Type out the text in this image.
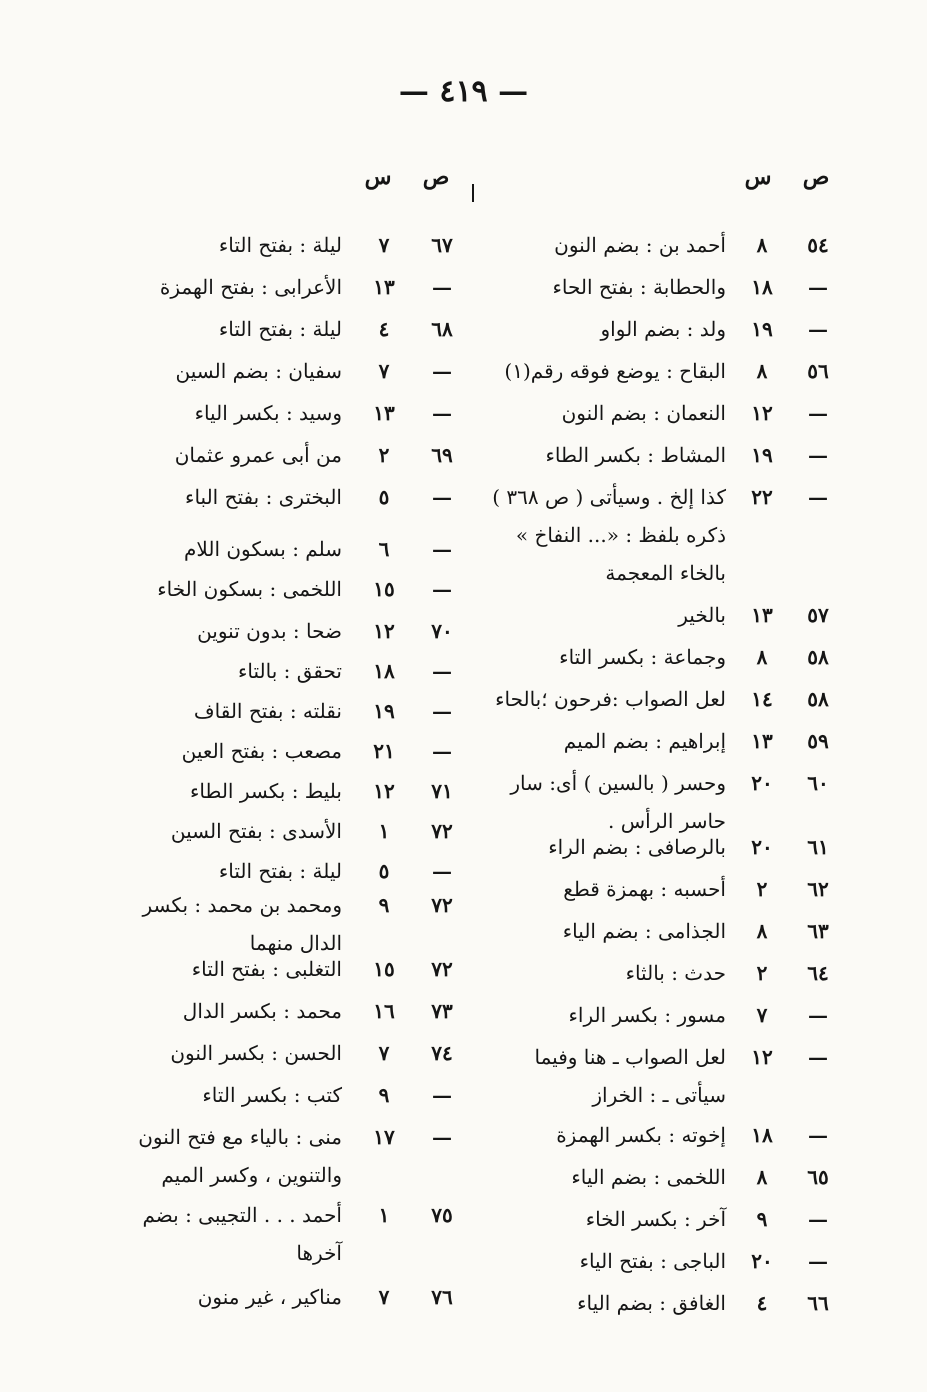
— ٤١٩ —
ص
س
٥٤
٨
أحمد بن : بضم النون
—
١٨
والحطابة : بفتح الحاء
—
١٩
ولد : بضم الواو
٥٦
٨
البقاح : يوضع فوقه رقم(١)
—
١٢
النعمان : بضم النون
—
١٩
المشاط : بكسر الطاء
—
٢٢
كذا إلخ . وسيأتى ( ص ٣٦٨ ) ذكره بلفظ : «... النفاخ » بالخاء المعجمة
٥٧
١٣
بالخير
٥٨
٨
وجماعة : بكسر التاء
٥٨
١٤
لعل الصواب :فرحون ؛بالحاء
٥٩
١٣
إبراهيم : بضم الميم
٦٠
٢٠
وحسر ( بالسين ) أى: سار حاسر الرأس .
٦١
٢٠
بالرصافى : بضم الراء
٦٢
٢
أحسبه : بهمزة قطع
٦٣
٨
الجذامى : بضم الياء
٦٤
٢
حدث : بالثاء
—
٧
مسور : بكسر الراء
—
١٢
لعل الصواب ـ هنا وفيما سيأتى ـ : الخراز
—
١٨
إخوته : بكسر الهمزة
٦٥
٨
اللخمى : بضم الياء
—
٩
آخر : بكسر الخاء
—
٢٠
الباجى : بفتح الياء
٦٦
٤
الغافق : بضم الياء
ص
س
٦٧
٧
ليلة : بفتح التاء
—
١٣
الأعرابى : بفتح الهمزة
٦٨
٤
ليلة : بفتح التاء
—
٧
سفيان : بضم السين
—
١٣
وسيد : بكسر الياء
٦٩
٢
من أبى عمرو عثمان
—
٥
البخترى : بفتح الباء
—
٦
سلم : بسكون اللام
—
١٥
اللخمى : بسكون الخاء
٧٠
١٢
ضحا : بدون تنوين
—
١٨
تحقق : بالتاء
—
١٩
نقلته : بفتح القاف
—
٢١
مصعب : بفتح العين
٧١
١٢
بليط : بكسر الطاء
٧٢
١
الأسدى : بفتح السين
—
٥
ليلة : بفتح التاء
٧٢
٩
ومحمد بن محمد : بكسر الدال منهما
٧٢
١٥
التغلبى : بفتح التاء
٧٣
١٦
محمد : بكسر الدال
٧٤
٧
الحسن : بكسر النون
—
٩
كتب : بكسر التاء
—
١٧
منى : بالياء مع فتح النون والتنوين ، وكسر الميم
٧٥
١
أحمد . . . التجيبى : بضم آخرها
٧٦
٧
مناكير ، غير منون
